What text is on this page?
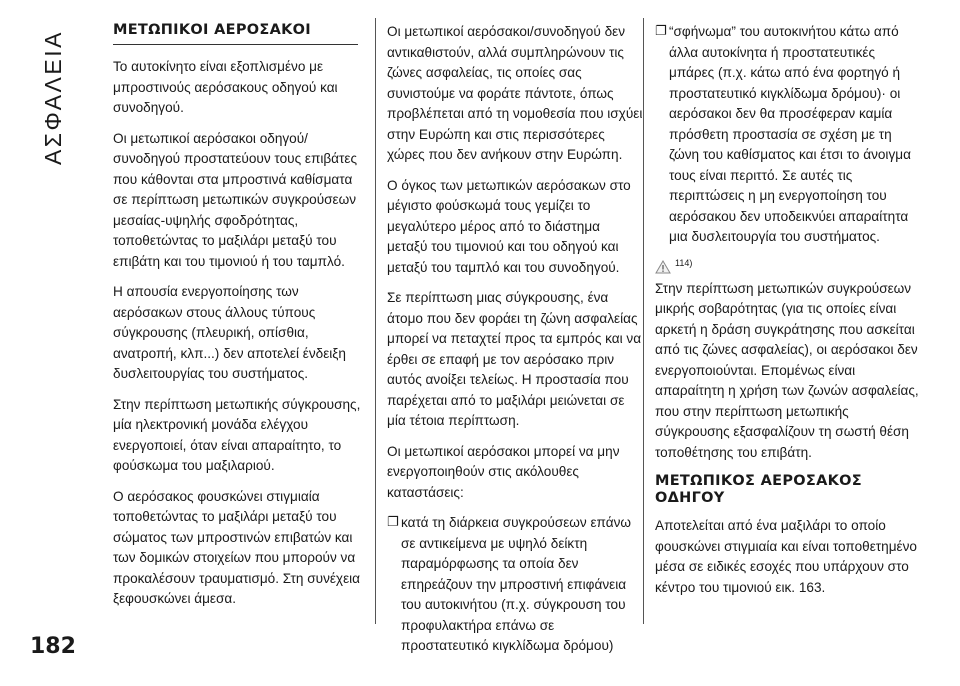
ΑΣΦΑΛΕΙΑ	ΜΕΤΩΠΙΚΟΙ ΑΕΡΟΣΑΚΟΙ

Το αυτοκίνητο είναι εξοπλισμένο με μπροστινούς αερόσακους οδηγού και συνοδηγού.

Οι μετωπικοί αερόσακοι οδηγού/ συνοδηγού προστατεύουν τους επιβάτες που κάθονται στα μπροστινά καθίσματα σε περίπτωση μετωπικών συγκρούσεων μεσαίας-υψηλής σφοδρότητας, τοποθετώντας το μαξιλάρι μεταξύ του επιβάτη και του τιμονιού ή του ταμπλό.

Η απουσία ενεργοποίησης των αερόσακων στους άλλους τύπους σύγκρουσης (πλευρική, οπίσθια, ανατροπή, κλπ...) δεν αποτελεί ένδειξη δυσλειτουργίας του συστήματος.

Στην περίπτωση μετωπικής σύγκρουσης, μία ηλεκτρονική μονάδα ελέγχου ενεργοποιεί, όταν είναι απαραίτητο, το φούσκωμα του μαξιλαριού.

Ο αερόσακος φουσκώνει στιγμιαία τοποθετώντας το μαξιλάρι μεταξύ του σώματος των μπροστινών επιβατών και των δομικών στοιχείων που μπορούν να προκαλέσουν τραυματισμό. Στη συνέχεια ξεφουσκώνει άμεσα.

Οι μετωπικοί αερόσακοι/συνοδηγού δεν αντικαθιστούν, αλλά συμπληρώνουν τις ζώνες ασφαλείας, τις οποίες σας συνιστούμε να φοράτε πάντοτε, όπως προβλέπεται από τη νομοθεσία που ισχύει στην Ευρώπη και στις περισσότερες χώρες που δεν ανήκουν στην Ευρώπη.

Ο όγκος των μετωπικών αερόσακων στο μέγιστο φούσκωμά τους γεμίζει το μεγαλύτερο μέρος από το διάστημα μεταξύ του τιμονιού και του οδηγού και μεταξύ του ταμπλό και του συνοδηγού.

Σε περίπτωση μιας σύγκρουσης, ένα άτομο που δεν φοράει τη ζώνη ασφαλείας μπορεί να πεταχτεί προς τα εμπρός και να έρθει σε επαφή με τον αερόσακο πριν αυτός ανοίξει τελείως. Η προστασία που παρέχεται από το μαξιλάρι μειώνεται σε μία τέτοια περίπτωση.

Οι μετωπικοί αερόσακοι μπορεί να μην ενεργοποιηθούν στις ακόλουθες καταστάσεις:

❐ κατά τη διάρκεια συγκρούσεων επάνω σε αντικείμενα με υψηλό δείκτη παραμόρφωσης τα οποία δεν επηρεάζουν την μπροστινή επιφάνεια του αυτοκινήτου (π.χ. σύγκρουση του προφυλακτήρα επάνω σε προστατευτικό κιγκλίδωμα δρόμου)
❐ “σφήνωμα” του αυτοκινήτου κάτω από άλλα αυτοκίνητα ή προστατευτικές μπάρες (π.χ. κάτω από ένα φορτηγό ή προστατευτικό κιγκλίδωμα δρόμου)· οι αερόσακοι δεν θα προσέφεραν καμία πρόσθετη προστασία σε σχέση με τη ζώνη του καθίσματος και έτσι το άνοιγμα τους είναι περιττό. Σε αυτές τις περιπτώσεις η μη ενεργοποίηση του αερόσακου δεν υποδεικνύει απαραίτητα μια δυσλειτουργία του συστήματος.
114)

Στην περίπτωση μετωπικών συγκρούσεων μικρής σοβαρότητας (για τις οποίες είναι αρκετή η δράση συγκράτησης που ασκείται από τις ζώνες ασφαλείας), οι αερόσακοι δεν ενεργοποιούνται. Επομένως είναι απαραίτητη η χρήση των ζωνών ασφαλείας, που στην περίπτωση μετωπικής σύγκρουσης εξασφαλίζουν τη σωστή θέση τοποθέτησης του επιβάτη.

ΜΕΤΩΠΙΚΟΣ ΑΕΡΟΣΑΚΟΣ ΟΔΗΓΟΥ

Αποτελείται από ένα μαξιλάρι το οποίο φουσκώνει στιγμιαία και είναι τοποθετημένο μέσα σε ειδικές εσοχές που υπάρχουν στο κέντρο του τιμονιού εικ. 163.

182
